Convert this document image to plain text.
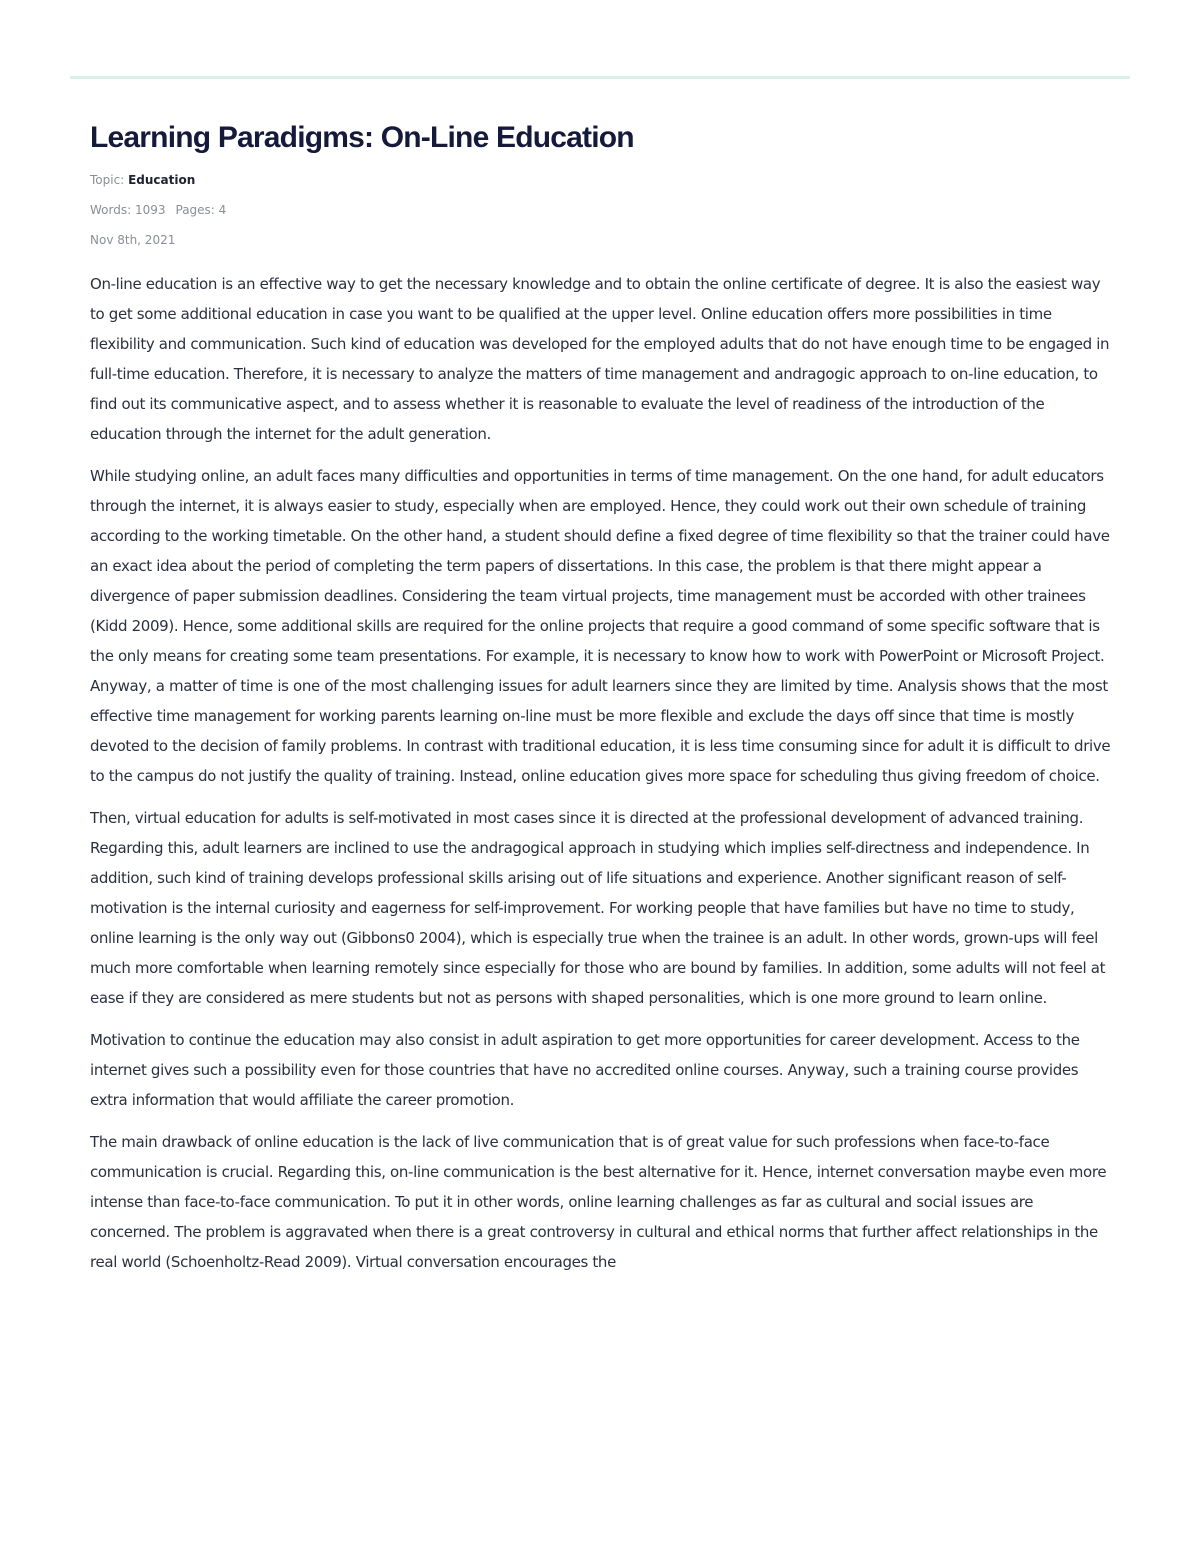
Learning Paradigms: On-Line Education
Topic: Education
Words: 1093 Pages: 4
Nov 8th, 2021

On-line education is an effective way to get the necessary knowledge and to obtain the online certificate of degree. It is also the easiest way to get some additional education in case you want to be qualified at the upper level. Online education offers more possibilities in time flexibility and communication. Such kind of education was developed for the employed adults that do not have enough time to be engaged in full-time education. Therefore, it is necessary to analyze the matters of time management and andragogic approach to on-line education, to find out its communicative aspect, and to assess whether it is reasonable to evaluate the level of readiness of the introduction of the education through the internet for the adult generation.

While studying online, an adult faces many difficulties and opportunities in terms of time management. On the one hand, for adult educators through the internet, it is always easier to study, especially when are employed. Hence, they could work out their own schedule of training according to the working timetable. On the other hand, a student should define a fixed degree of time flexibility so that the trainer could have an exact idea about the period of completing the term papers of dissertations. In this case, the problem is that there might appear a divergence of paper submission deadlines. Considering the team virtual projects, time management must be accorded with other trainees (Kidd 2009). Hence, some additional skills are required for the online projects that require a good command of some specific software that is the only means for creating some team presentations. For example, it is necessary to know how to work with PowerPoint or Microsoft Project. Anyway, a matter of time is one of the most challenging issues for adult learners since they are limited by time. Analysis shows that the most effective time management for working parents learning on-line must be more flexible and exclude the days off since that time is mostly devoted to the decision of family problems. In contrast with traditional education, it is less time consuming since for adult it is difficult to drive to the campus do not justify the quality of training. Instead, online education gives more space for scheduling thus giving freedom of choice.

Then, virtual education for adults is self-motivated in most cases since it is directed at the professional development of advanced training. Regarding this, adult learners are inclined to use the andragogical approach in studying which implies self-directness and independence. In addition, such kind of training develops professional skills arising out of life situations and experience. Another significant reason of self-motivation is the internal curiosity and eagerness for self-improvement. For working people that have families but have no time to study, online learning is the only way out (Gibbons0 2004), which is especially true when the trainee is an adult. In other words, grown-ups will feel much more comfortable when learning remotely since especially for those who are bound by families. In addition, some adults will not feel at ease if they are considered as mere students but not as persons with shaped personalities, which is one more ground to learn online.

Motivation to continue the education may also consist in adult aspiration to get more opportunities for career development. Access to the internet gives such a possibility even for those countries that have no accredited online courses. Anyway, such a training course provides extra information that would affiliate the career promotion.

The main drawback of online education is the lack of live communication that is of great value for such professions when face-to-face communication is crucial. Regarding this, on-line communication is the best alternative for it. Hence, internet conversation maybe even more intense than face-to-face communication. To put it in other words, online learning challenges as far as cultural and social issues are concerned. The problem is aggravated when there is a great controversy in cultural and ethical norms that further affect relationships in the real world (Schoenholtz-Read 2009). Virtual conversation encourages the
